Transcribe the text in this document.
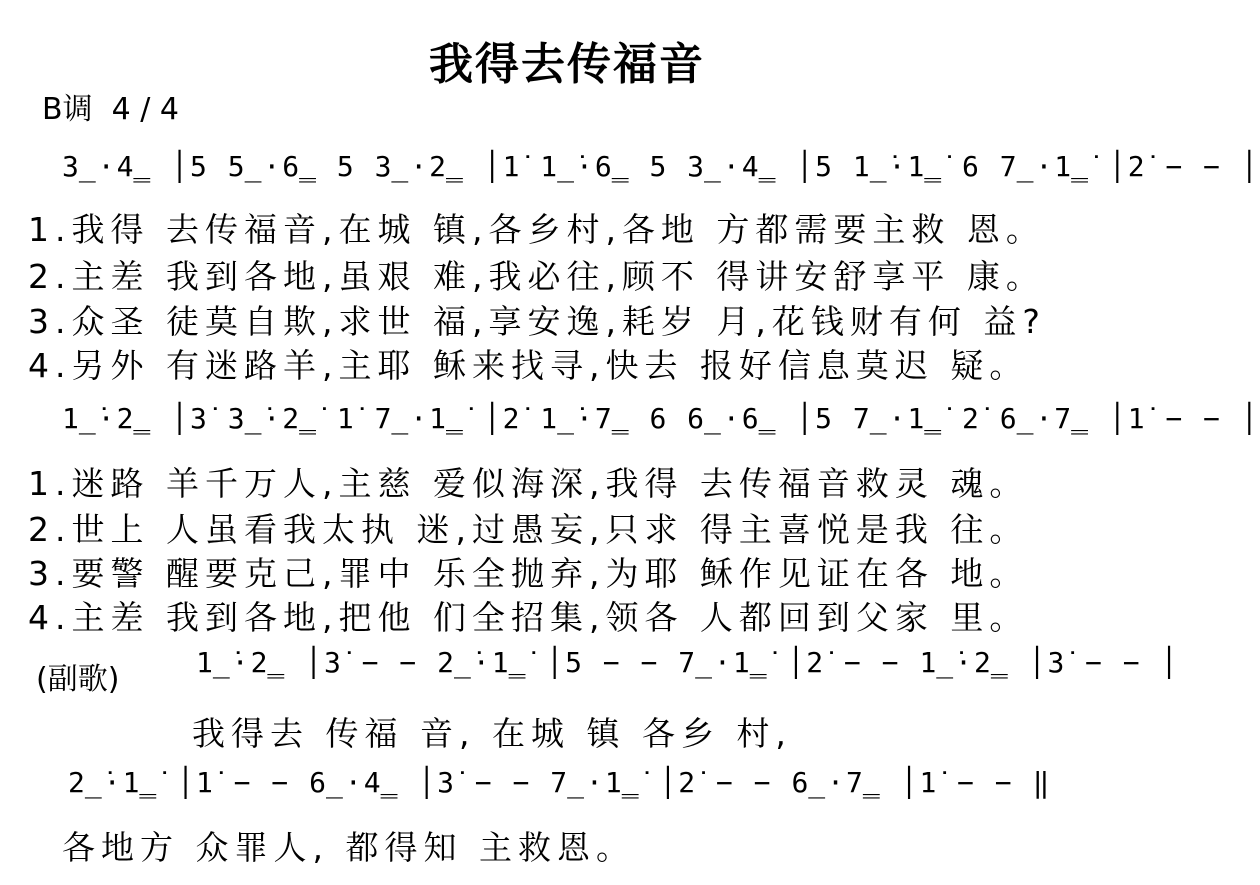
我得去传福音
B调  4 / 4
3̲·4̳ │5 5̲·6̳ 5 3̲·2̳ │1̇ 1̲̇·6̳ 5 3̲·4̳ │5 1̲̇·1̳̇ 6 7̲·1̳̇ │2̇ − − │
1.我得 去传福音,在城 镇,各乡村,各地 方都需要主救 恩。
2.主差 我到各地,虽艰 难,我必往,顾不 得讲安舒享平 康。
3.众圣 徒莫自欺,求世 福,享安逸,耗岁 月,花钱财有何 益?
4.另外 有迷路羊,主耶 稣来找寻,快去 报好信息莫迟 疑。
1̲̇·2̳ │3̇ 3̲̇·2̳̇ 1̇ 7̲·1̳̇ │2̇ 1̲̇·7̳ 6 6̲·6̳ │5 7̲·1̳̇ 2̇ 6̲·7̳ │1̇ − − │
1.迷路 羊千万人,主慈 爱似海深,我得 去传福音救灵 魂。
2.世上 人虽看我太执 迷,过愚妄,只求 得主喜悦是我 往。
3.要警 醒要克己,罪中 乐全抛弃,为耶 稣作见证在各 地。
4.主差 我到各地,把他 们全招集,领各 人都回到父家 里。
(副歌)	1̲̇·2̳ │3̇ − − 2̲̇·1̳̇ │5 − − 7̲·1̳̇ │2̇ − − 1̲̇·2̳ │3̇ − − │
我得去 传福 音, 在城 镇 各乡 村,
2̲̇·1̳̇ │1̇ − − 6̲·4̳ │3̇ − − 7̲·1̳̇ │2̇ − − 6̲·7̳ │1̇ − − ‖
各地方 众罪人, 都得知 主救恩。
